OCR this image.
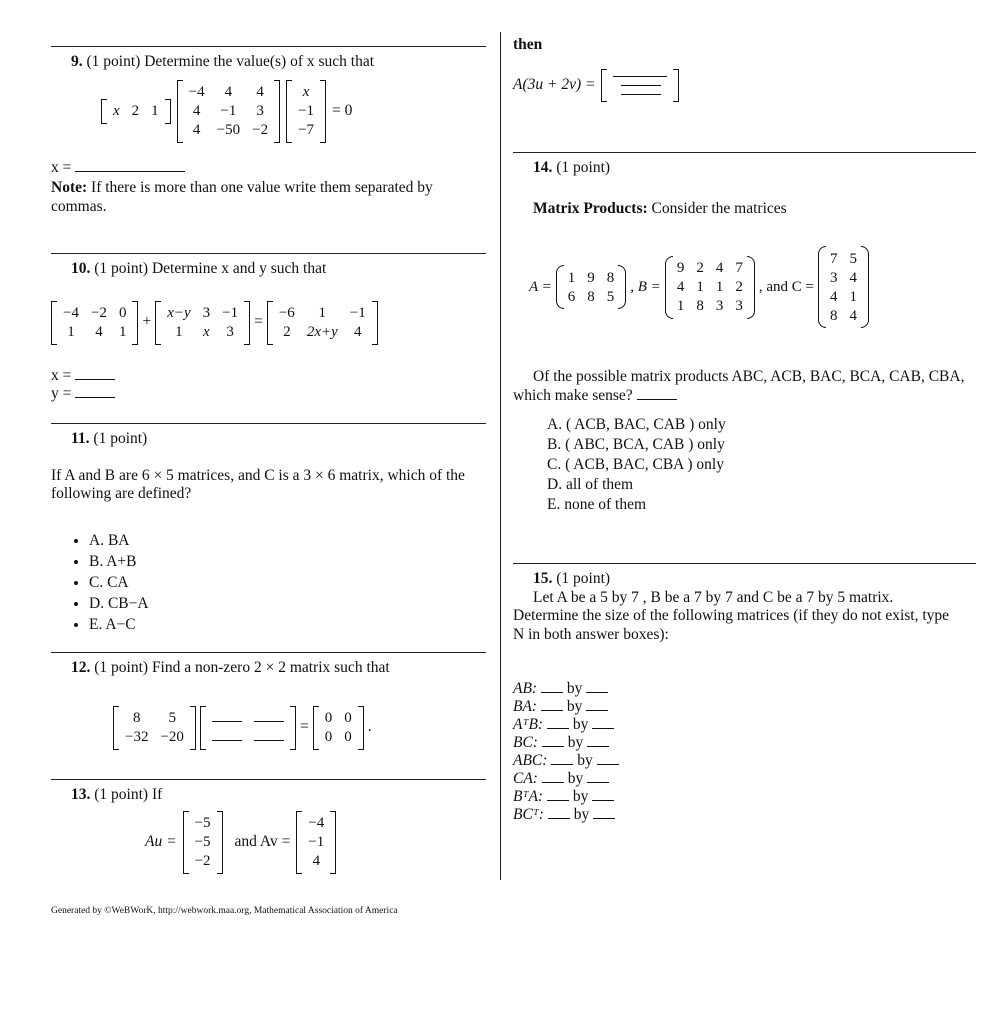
9. (1 point) Determine the value(s) of x such that
x	2	1
−4	4	4
4	−1	3
4	−50	−2
x
−1
−7
= 0
x =
Note: If there is more than one value write them separated by commas.
10. (1 point) Determine x and y such that
−4	−2	0
1	4	1
+
x−y	3	−1
1	x	3
=
−6	1	−1
2	2x+y	4
x =
y =
11. (1 point)
If A and B are 6 × 5 matrices, and C is a 3 × 6 matrix, which of the following are defined?
• A. BA
• B. A+B
• C. CA
• D. CB−A
• E. A−C
12. (1 point) Find a non-zero 2 × 2 matrix such that
8	5
−32	−20

=
0	0
0	0
.
13. (1 point) If
Au =
−5
−5
−2
and Av =
−4
−1
4
Generated by ©WeBWorK, http://webwork.maa.org, Mathematical Association of America
then
A(3u + 2v) =
14. (1 point)
Matrix Products: Consider the matrices
A =
1	9	8
6	8	5
, B =
9	2	4	7
4	1	1	2
1	8	3	3
, and C =
7	5
3	4
4	1
8	4
Of the possible matrix products ABC, ACB, BAC, BCA, CAB, CBA, which make sense?
A. ( ACB, BAC, CAB ) only
B. ( ABC, BCA, CAB ) only
C. ( ACB, BAC, CBA ) only
D. all of them
E. none of them
15. (1 point)
Let A be a 5 by 7 , B be a 7 by 7 and C be a 7 by 5 matrix. Determine the size of the following matrices (if they do not exist, type N in both answer boxes):
AB:  by
BA:  by
AᵀB:  by
BC:  by
ABC:  by
CA:  by
BᵀA:  by
BCᵀ:  by
